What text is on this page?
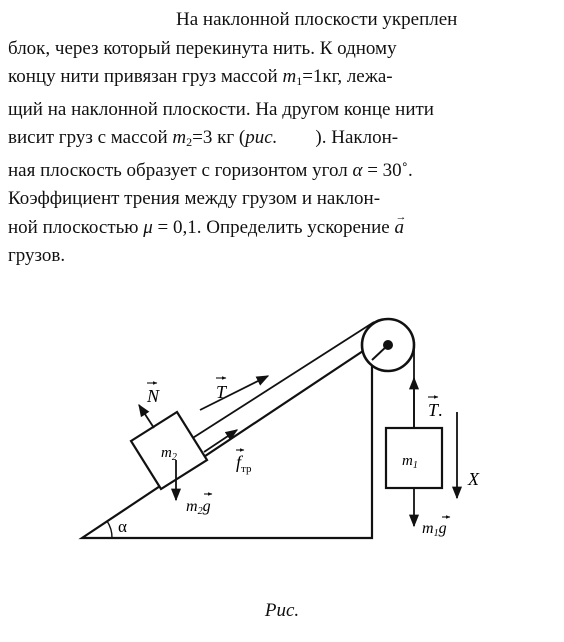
На наклонной плоскости укреплен
блок, через который перекинута нить. К одному
концу нити привязан груз массой $m_1=1кг$, лежа-
щий на наклонной плоскости. На другом конце нити
висит груз с массой $m_2=3$ кг (рис.        ). Наклон-
ная плоскость образует с горизонтом угол α = 30˚.
Коэффициент трения между грузом и наклон-
ной плоскостью μ = 0,1. Определить ускорение → a
грузов.
N	T
$m_2$	$f_{тр}$
m2g
α
T.
$m_1$
X
m1g
Рис.
